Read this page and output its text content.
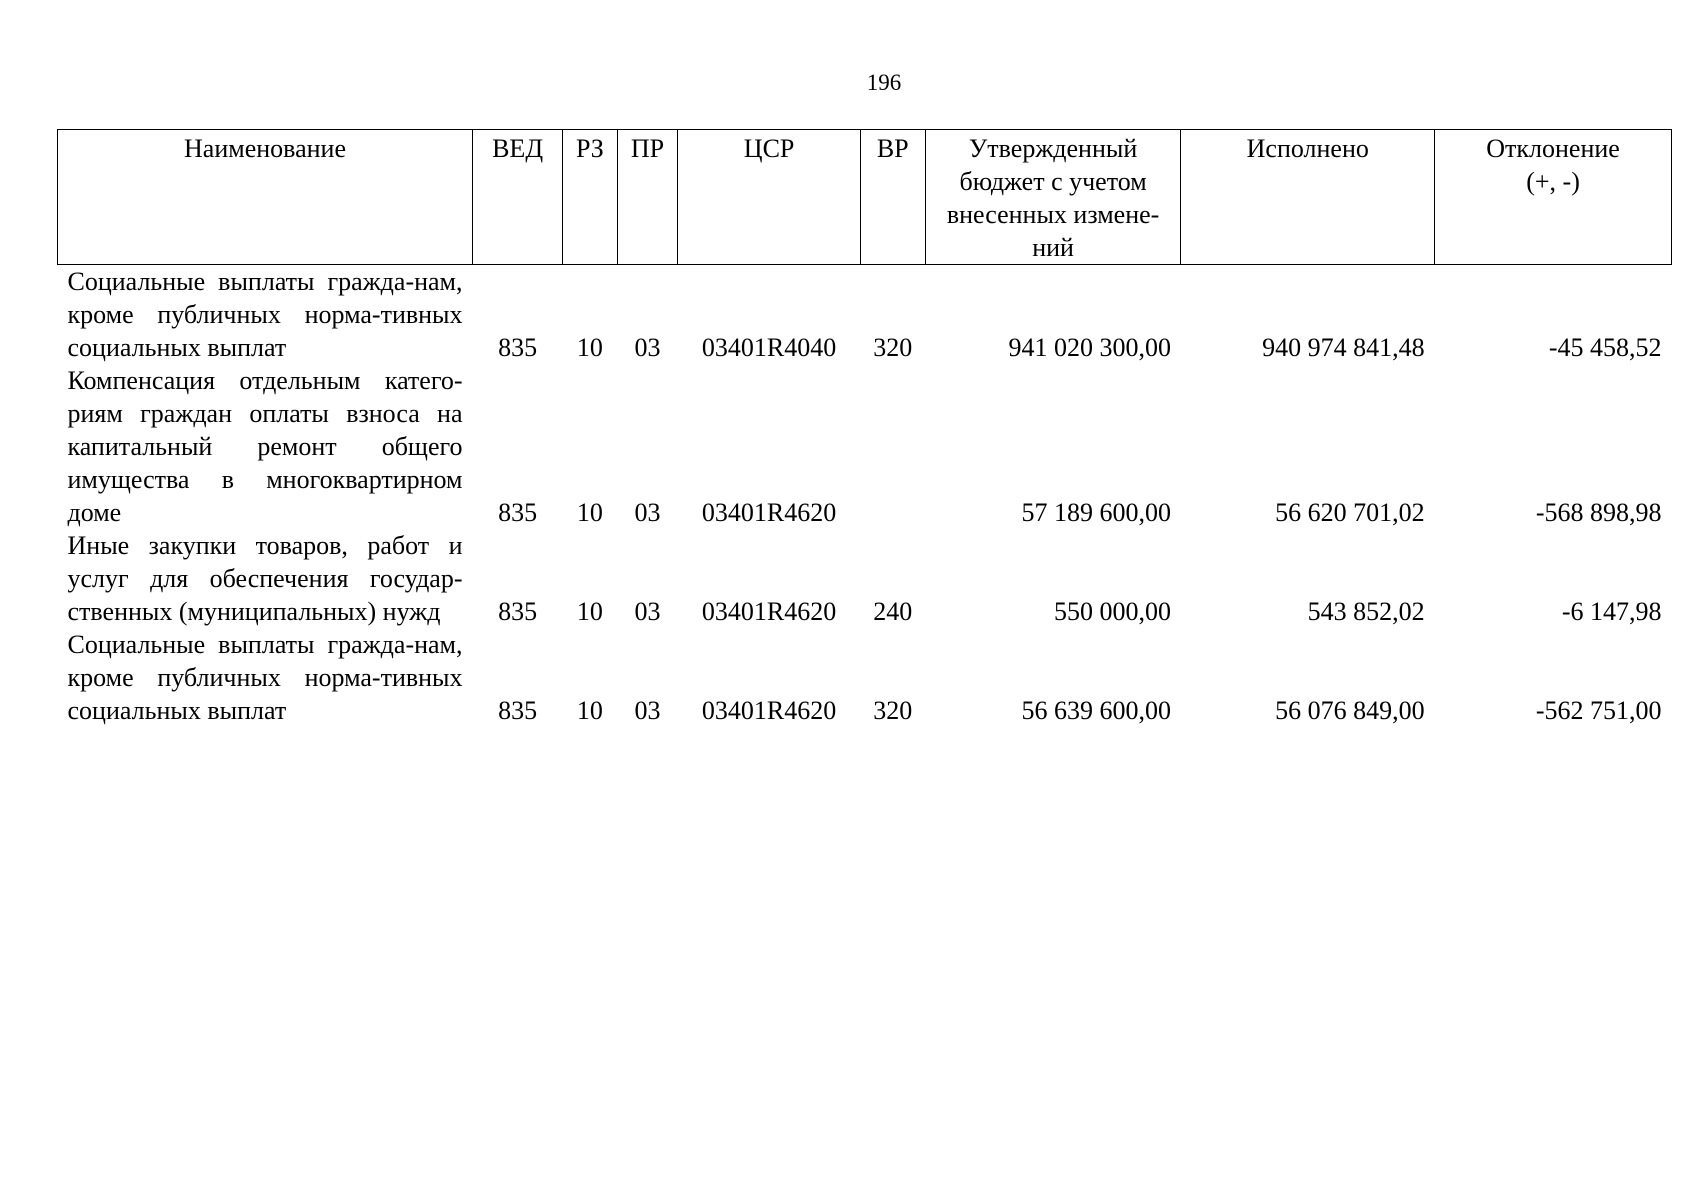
196
Наименование	ВЕД	РЗ	ПР	ЦСР	ВР	Утвержденный бюджет с учетом внесенных измене-ний	Исполнено	Отклонение (+, -)
Социальные выплаты гражда-нам, кроме публичных норма-тивных социальных выплат	835	10	03	03401R4040	320	941 020 300,00	940 974 841,48	-45 458,52
Компенсация отдельным катего-риям граждан оплаты взноса на капитальный ремонт общего имущества в многоквартирном доме	835	10	03	03401R4620		57 189 600,00	56 620 701,02	-568 898,98
Иные закупки товаров, работ и услуг для обеспечения государ-ственных (муниципальных) нужд	835	10	03	03401R4620	240	550 000,00	543 852,02	-6 147,98
Социальные выплаты гражда-нам, кроме публичных норма-тивных социальных выплат	835	10	03	03401R4620	320	56 639 600,00	56 076 849,00	-562 751,00
